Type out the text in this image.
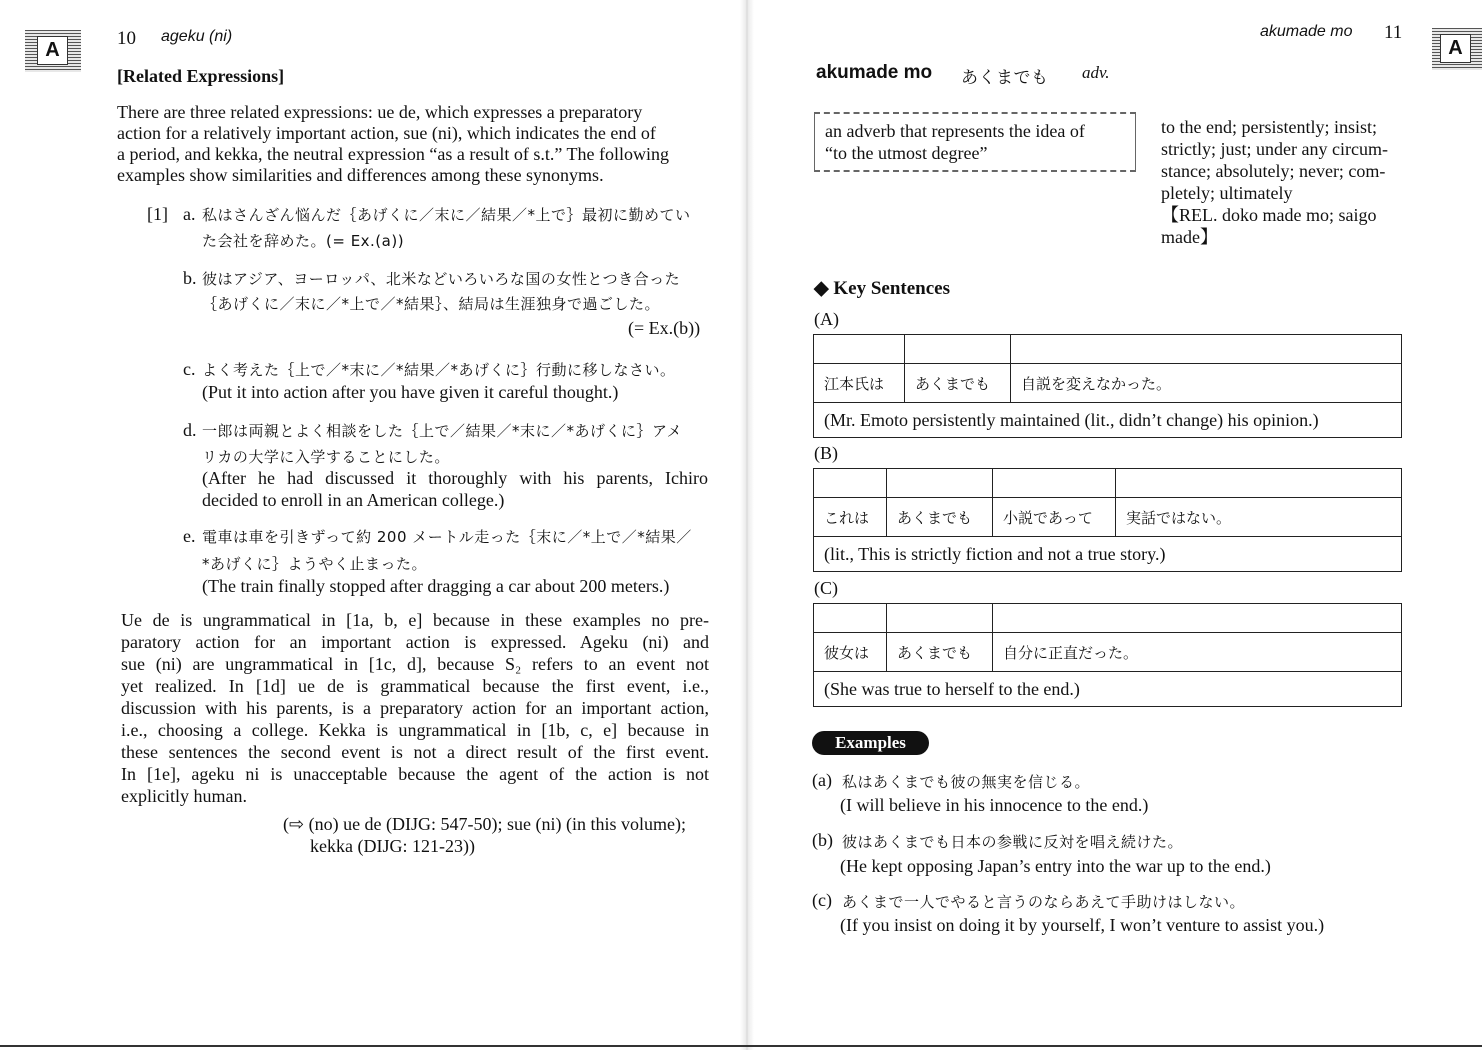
A
10 ageku (ni)
[Related Expressions]
There are three related expressions: ue de, which expresses a preparatory
action for a relatively important action, sue (ni), which indicates the end of
a period, and kekka, the neutral expression “as a result of s.t.” The following
examples show similarities and differences among these synonyms.
[1] a. 私はさんざん悩んだ｛あげくに／末に／結果／*上で｝最初に勤めてい
た会社を辞めた。(= Ex.(a))
b. 彼はアジア、ヨーロッパ、北米などいろいろな国の女性とつき合った
｛あげくに／末に／*上で／*結果｝、結局は生涯独身で過ごした。
(= Ex.(b))
c. よく考えた｛上で／*末に／*結果／*あげくに｝行動に移しなさい。
(Put it into action after you have given it careful thought.)
d. 一郎は両親とよく相談をした｛上で／結果／*末に／*あげくに｝アメ
リカの大学に入学することにした。
(After he had discussed it thoroughly with his parents, Ichiro
decided to enroll in an American college.)
e. 電車は車を引きずって約 200 メートル走った｛末に／*上で／*結果／
*あげくに｝ようやく止まった。
(The train finally stopped after dragging a car about 200 meters.)
Ue de is ungrammatical in [1a, b, e] because in these examples no pre-
paratory action for an important action is expressed. Ageku (ni) and
sue (ni) are ungrammatical in [1c, d], because S₂ refers to an event not
yet realized. In [1d] ue de is grammatical because the first event, i.e.,
discussion with his parents, is a preparatory action for an important action,
i.e., choosing a college. Kekka is ungrammatical in [1b, c, e] because in
these sentences the second event is not a direct result of the first event.
In [1e], ageku ni is unacceptable because the agent of the action is not
explicitly human.
(⇨ (no) ue de (DIJG: 547-50); sue (ni) (in this volume);
kekka (DIJG: 121-23))
akumade mo 11
A
akumade mo あくまでも adv.
an adverb that represents the idea of
“to the utmost degree”
to the end; persistently; insist;
strictly; just; under any circum-
stance; absolutely; never; com-
pletely; ultimately
【REL. doko made mo; saigo
made】
◆ Key Sentences
(A)

江本氏は	あくまでも	自説を変えなかった。
(Mr. Emoto persistently maintained (lit., didn’t change) his opinion.)		
(B)

これは	あくまでも	小説であって	実話ではない。
(lit., This is strictly fiction and not a true story.)			
(C)

彼女は	あくまでも	自分に正直だった。
(She was true to herself to the end.)		
Examples
(a) 私はあくまでも彼の無実を信じる。
(I will believe in his innocence to the end.)
(b) 彼はあくまでも日本の参戦に反対を唱え続けた。
(He kept opposing Japan’s entry into the war up to the end.)
(c) あくまで一人でやると言うのならあえて手助けはしない。
(If you insist on doing it by yourself, I won’t venture to assist you.)
